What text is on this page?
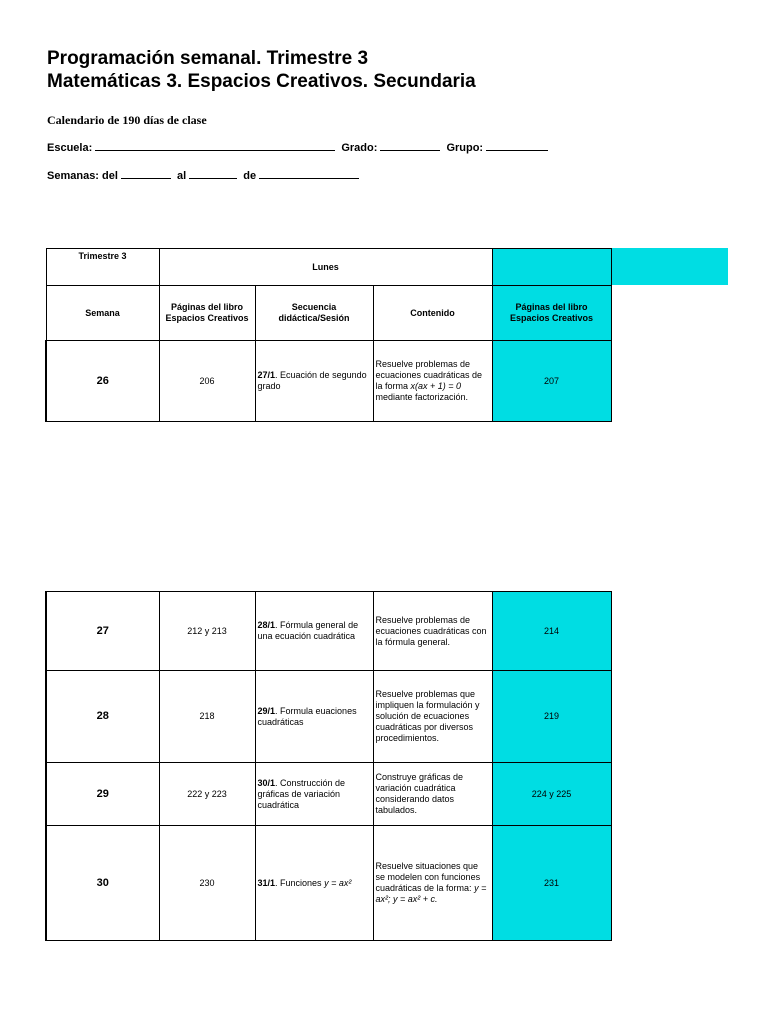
Programación semanal. Trimestre 3
Matemáticas 3. Espacios Creativos. Secundaria
Calendario de 190 días de clase
Escuela:	Grado:	Grupo:
Semanas: del	al	de
Trimestre 3	Lunes			
Semana	Páginas del libro Espacios Creativos	Secuencia didáctica/Sesión	Contenido	Páginas del libro Espacios Creativos
26	206	27/1. Ecuación de segundo grado	Resuelve problemas de ecuaciones cuadráticas de la forma x(ax + 1) = 0 mediante factorización.	207
27	212 y 213	28/1. Fórmula general de una ecuación cuadrática	Resuelve problemas de ecuaciones cuadráticas con la fórmula general.	214
28	218	29/1. Formula euaciones cuadráticas	Resuelve problemas que impliquen la formulación y solución de ecuaciones cuadráticas por diversos procedimientos.	219
29	222 y 223	30/1. Construcción de gráficas de variación cuadrática	Construye gráficas de variación cuadrática considerando datos tabulados.	224 y 225
30	230	31/1. Funciones y = ax²	Resuelve situaciones que se modelen con funciones cuadráticas de la forma: y = ax²; y = ax² + c.	231
